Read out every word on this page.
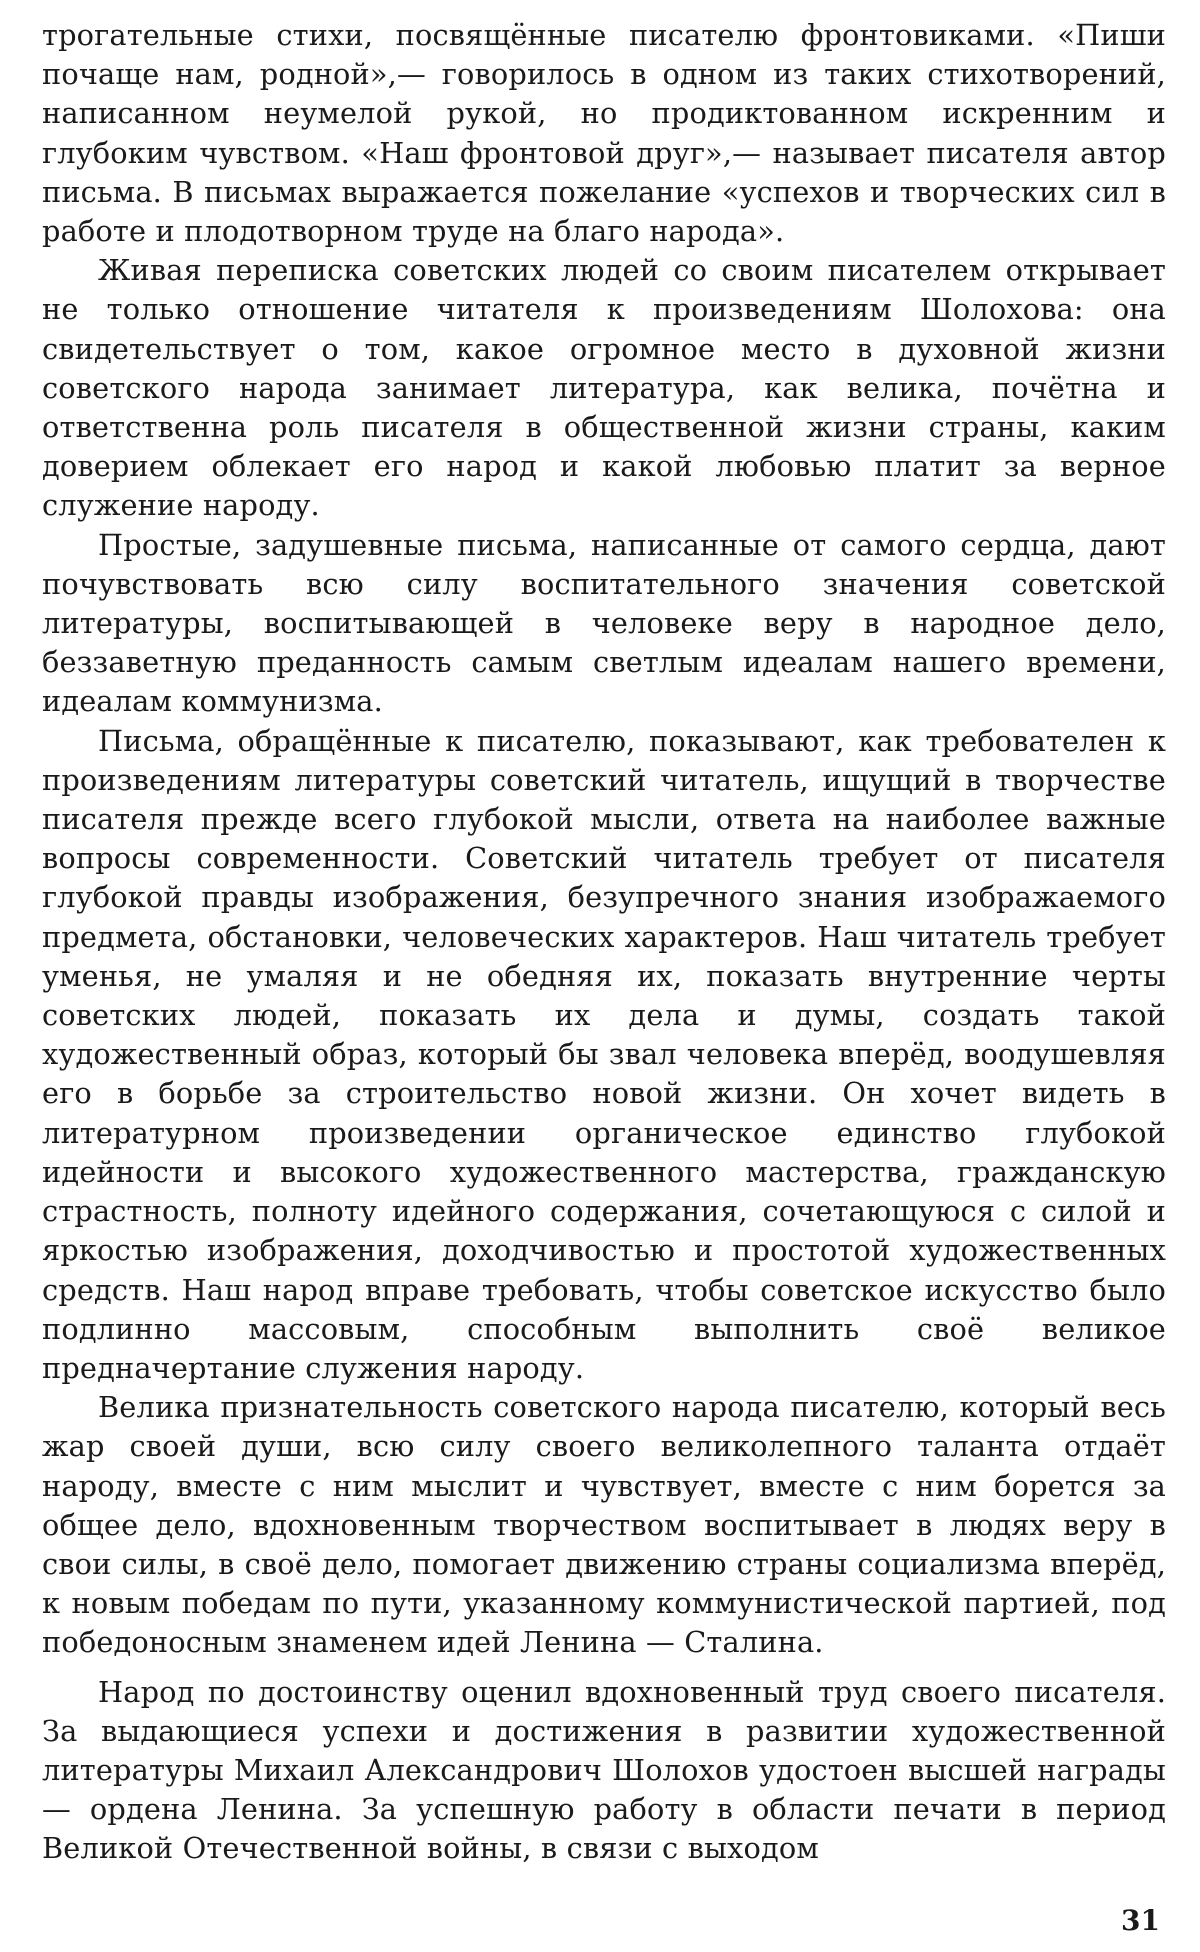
трогательные стихи, посвящённые писателю фронтовиками. «Пиши почаще нам, родной»,— говорилось в одном из таких стихотворений, написанном неумелой рукой, но продиктованном искренним и глубоким чувством. «Наш фронтовой друг»,— называет писателя автор письма. В письмах выражается пожелание «успехов и творческих сил в работе и плодотворном труде на благо народа».

Живая переписка советских людей со своим писателем открывает не только отношение читателя к произведениям Шолохова: она свидетельствует о том, какое огромное место в духовной жизни советского народа занимает литература, как велика, почётна и ответственна роль писателя в общественной жизни страны, каким доверием облекает его народ и какой любовью платит за верное служение народу.

Простые, задушевные письма, написанные от самого сердца, дают почувствовать всю силу воспитательного значения советской литературы, воспитывающей в человеке веру в народное дело, беззаветную преданность самым светлым идеалам нашего времени, идеалам коммунизма.

Письма, обращённые к писателю, показывают, как требователен к произведениям литературы советский читатель, ищущий в творчестве писателя прежде всего глубокой мысли, ответа на наиболее важные вопросы современности. Советский читатель требует от писателя глубокой правды изображения, безупречного знания изображаемого предмета, обстановки, человеческих характеров. Наш читатель требует уменья, не умаляя и не обедняя их, показать внутренние черты советских людей, показать их дела и думы, создать такой художественный образ, который бы звал человека вперёд, воодушевляя его в борьбе за строительство новой жизни. Он хочет видеть в литературном произведении органическое единство глубокой идейности и высокого художественного мастерства, гражданскую страстность, полноту идейного содержания, сочетающуюся с силой и яркостью изображения, доходчивостью и простотой художественных средств. Наш народ вправе требовать, чтобы советское искусство было подлинно массовым, способным выполнить своё великое предначертание служения народу.

Велика признательность советского народа писателю, который весь жар своей души, всю силу своего великолепного таланта отдаёт народу, вместе с ним мыслит и чувствует, вместе с ним борется за общее дело, вдохновенным творчеством воспитывает в людях веру в свои силы, в своё дело, помогает движению страны социализма вперёд, к новым победам по пути, указанному коммунистической партией, под победоносным знаменем идей Ленина — Сталина.

Народ по достоинству оценил вдохновенный труд своего писателя. За выдающиеся успехи и достижения в развитии художественной литературы Михаил Александрович Шолохов удостоен высшей награды — ордена Ленина. За успешную работу в области печати в период Великой Отечественной войны, в связи с выходом

31
